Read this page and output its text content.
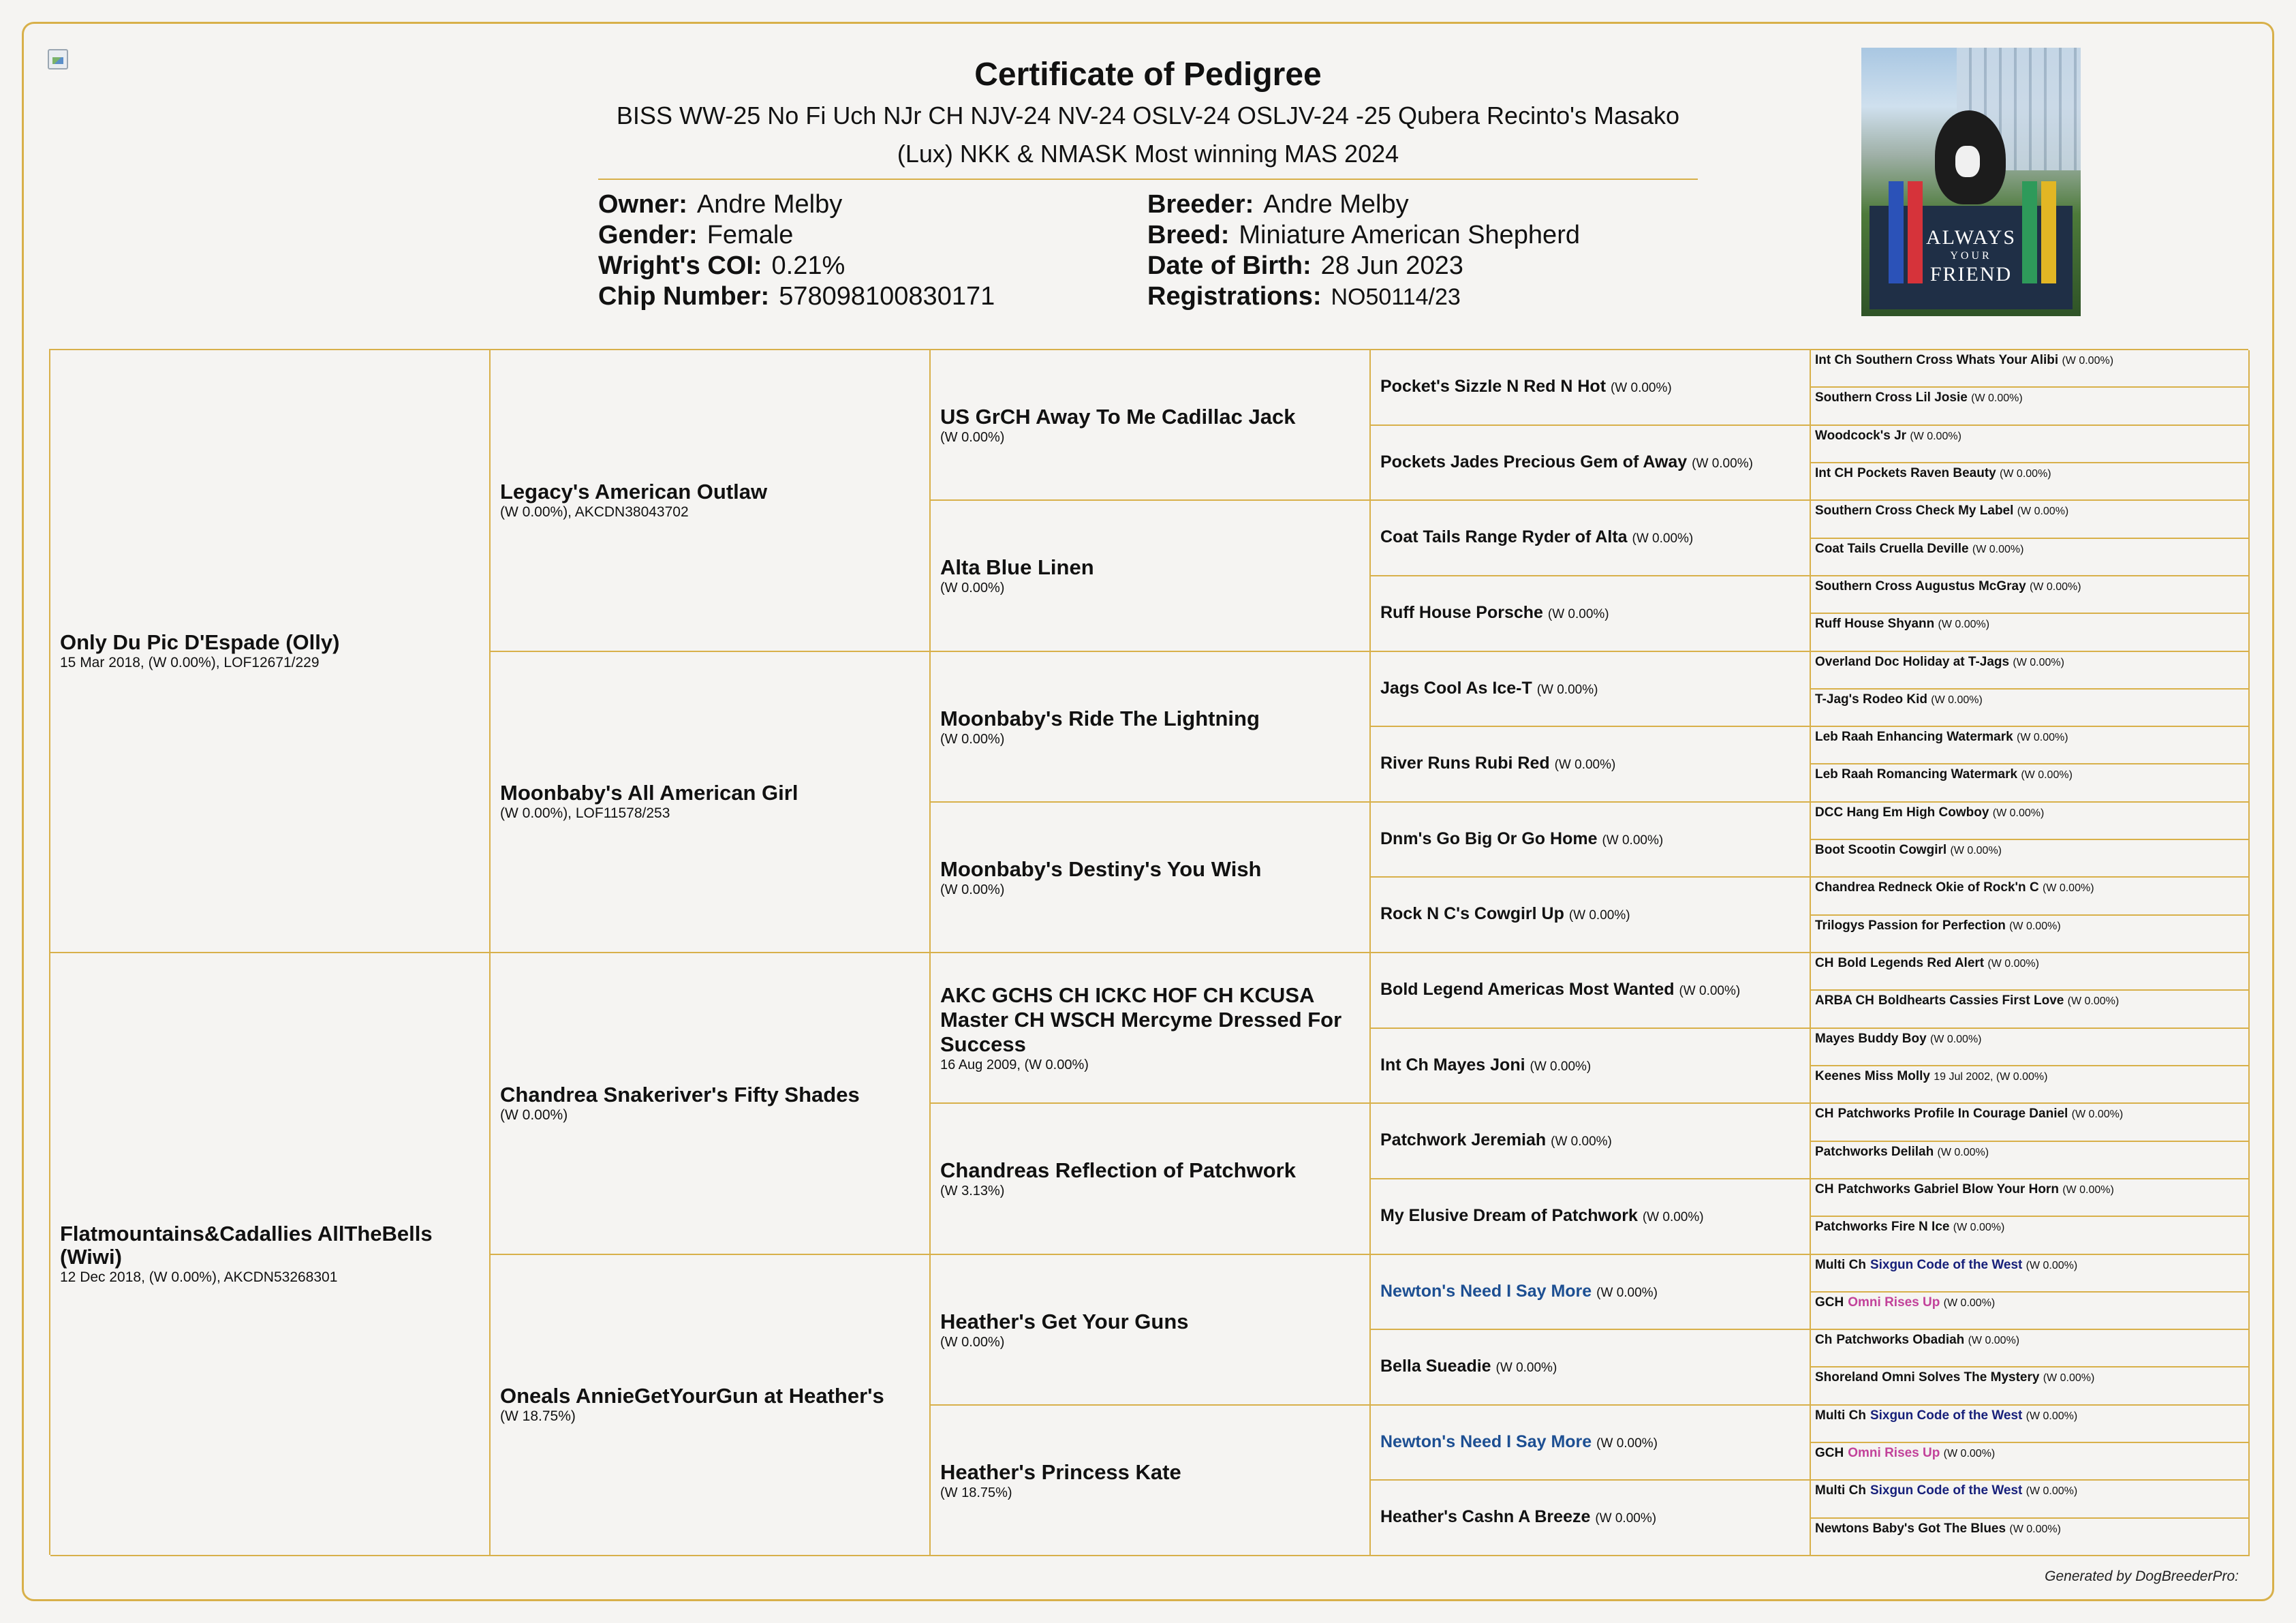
Certificate of Pedigree
BISS WW-25 No Fi Uch NJr CH NJV-24 NV-24 OSLV-24 OSLJV-24 -25 Qubera Recinto's Masako
(Lux) NKK & NMASK Most winning MAS 2024
Owner: Andre Melby
Gender: Female
Wright's COI: 0.21%
Chip Number: 578098100830171
Breeder: Andre Melby
Breed: Miniature American Shepherd
Date of Birth: 28 Jun 2023
Registrations: NO50114/23
ALWAYS
YOUR
FRIEND
Only Du Pic D'Espade (Olly)
15 Mar 2018, (W 0.00%), LOF12671/229
Flatmountains&Cadallies AllTheBells (Wiwi)
12 Dec 2018, (W 0.00%), AKCDN53268301
Legacy's American Outlaw
(W 0.00%), AKCDN38043702
Moonbaby's All American Girl
(W 0.00%), LOF11578/253
Chandrea Snakeriver's Fifty Shades
(W 0.00%)
Oneals AnnieGetYourGun at Heather's
(W 18.75%)
US GrCH Away To Me Cadillac Jack
(W 0.00%)
Alta Blue Linen
(W 0.00%)
Moonbaby's Ride The Lightning
(W 0.00%)
Moonbaby's Destiny's You Wish
(W 0.00%)
AKC GCHS CH ICKC HOF CH KCUSA Master CH WSCH Mercyme Dressed For Success
16 Aug 2009, (W 0.00%)
Chandreas Reflection of Patchwork
(W 3.13%)
Heather's Get Your Guns
(W 0.00%)
Heather's Princess Kate
(W 18.75%)
Pocket's Sizzle N Red N Hot (W 0.00%)
Pockets Jades Precious Gem of Away (W 0.00%)
Coat Tails Range Ryder of Alta (W 0.00%)
Ruff House Porsche (W 0.00%)
Jags Cool As Ice-T (W 0.00%)
River Runs Rubi Red (W 0.00%)
Dnm's Go Big Or Go Home (W 0.00%)
Rock N C's Cowgirl Up (W 0.00%)
Bold Legend Americas Most Wanted (W 0.00%)
Int Ch Mayes Joni (W 0.00%)
Patchwork Jeremiah (W 0.00%)
My Elusive Dream of Patchwork (W 0.00%)
Newton's Need I Say More (W 0.00%)
Bella Sueadie (W 0.00%)
Newton's Need I Say More (W 0.00%)
Heather's Cashn A Breeze (W 0.00%)
Int Ch Southern Cross Whats Your Alibi (W 0.00%)
Southern Cross Lil Josie (W 0.00%)
Woodcock's Jr (W 0.00%)
Int CH Pockets Raven Beauty (W 0.00%)
Southern Cross Check My Label (W 0.00%)
Coat Tails Cruella Deville (W 0.00%)
Southern Cross Augustus McGray (W 0.00%)
Ruff House Shyann (W 0.00%)
Overland Doc Holiday at T-Jags (W 0.00%)
T-Jag's Rodeo Kid (W 0.00%)
Leb Raah Enhancing Watermark (W 0.00%)
Leb Raah Romancing Watermark (W 0.00%)
DCC Hang Em High Cowboy (W 0.00%)
Boot Scootin Cowgirl (W 0.00%)
Chandrea Redneck Okie of Rock'n C (W 0.00%)
Trilogys Passion for Perfection (W 0.00%)
CH Bold Legends Red Alert (W 0.00%)
ARBA CH Boldhearts Cassies First Love (W 0.00%)
Mayes Buddy Boy (W 0.00%)
Keenes Miss Molly 19 Jul 2002, (W 0.00%)
CH Patchworks Profile In Courage Daniel (W 0.00%)
Patchworks Delilah (W 0.00%)
CH Patchworks Gabriel Blow Your Horn (W 0.00%)
Patchworks Fire N Ice (W 0.00%)
Multi Ch Sixgun Code of the West (W 0.00%)
GCH Omni Rises Up (W 0.00%)
Ch Patchworks Obadiah (W 0.00%)
Shoreland Omni Solves The Mystery (W 0.00%)
Multi Ch Sixgun Code of the West (W 0.00%)
GCH Omni Rises Up (W 0.00%)
Multi Ch Sixgun Code of the West (W 0.00%)
Newtons Baby's Got The Blues (W 0.00%)
Generated by DogBreederPro:
